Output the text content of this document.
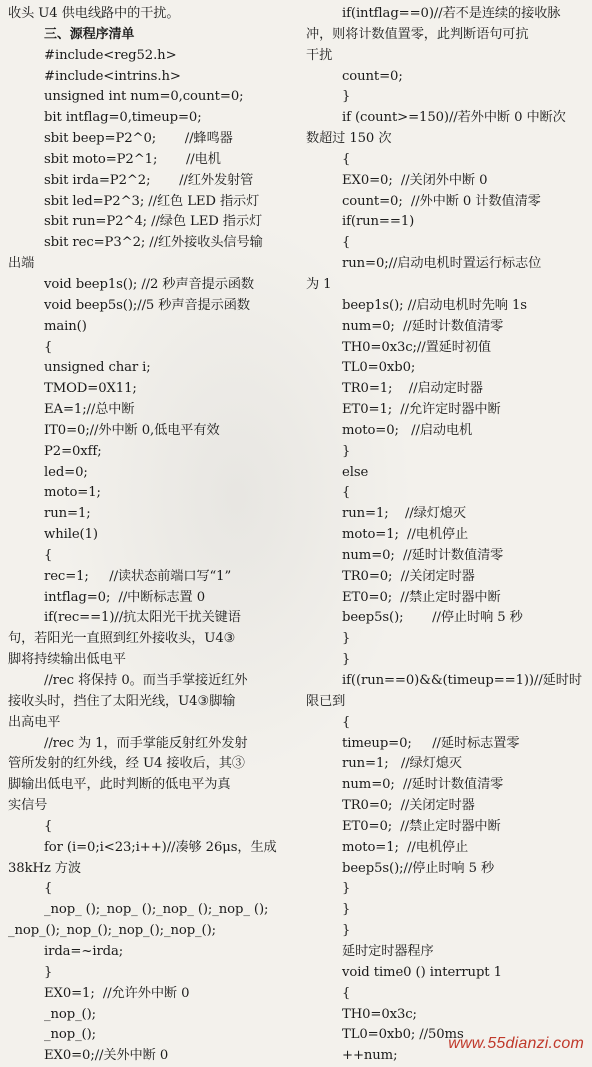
收头 U4 供电线路中的干扰。
三、源程序清单
#include<reg52.h>
#include<intrins.h>
unsigned int num=0,count=0;
bit intflag=0,timeup=0;
sbit beep=P2^0;       //蜂鸣器
sbit moto=P2^1;       //电机
sbit irda=P2^2;       //红外发射管
sbit led=P2^3; //红色 LED 指示灯
sbit run=P2^4; //绿色 LED 指示灯
sbit rec=P3^2; //红外接收头信号输
出端
void beep1s(); //2 秒声音提示函数
void beep5s();//5 秒声音提示函数
main()
{
unsigned char i;
TMOD=0X11;
EA=1;//总中断
IT0=0;//外中断 0,低电平有效
P2=0xff;
led=0;
moto=1;
run=1;
while(1)
{
rec=1;     //读状态前端口写“1”
intflag=0;  //中断标志置 0
if(rec==1)//抗太阳光干扰关键语
句，若阳光一直照到红外接收头，U4③
脚将持续输出低电平
//rec 将保持 0。而当手掌接近红外
接收头时，挡住了太阳光线，U4③脚输
出高电平
//rec 为 1，而手掌能反射红外发射
管所发射的红外线，经 U4 接收后，其③
脚输出低电平，此时判断的低电平为真
实信号
{
for (i=0;i<23;i++)//凑够 26μs，生成
38kHz 方波
{
_nop_ ();_nop_ ();_nop_ ();_nop_ ();
_nop_();_nop_();_nop_();_nop_();
irda=~irda;
}
EX0=1;  //允许外中断 0
_nop_();
_nop_();
EX0=0;//关外中断 0
if(intflag==0)//若不是连续的接收脉
冲，则将计数值置零，此判断语句可抗
干扰
count=0;
}
if (count>=150)//若外中断 0 中断次
数超过 150 次
{
EX0=0;  //关闭外中断 0
count=0;  //外中断 0 计数值清零
if(run==1)
{
run=0;//启动电机时置运行标志位
为 1
beep1s(); //启动电机时先响 1s
num=0;  //延时计数值清零
TH0=0x3c;//置延时初值
TL0=0xb0;
TR0=1;    //启动定时器
ET0=1;  //允许定时器中断
moto=0;   //启动电机
}
else
{
run=1;    //绿灯熄灭
moto=1;  //电机停止
num=0;  //延时计数值清零
TR0=0;  //关闭定时器
ET0=0;  //禁止定时器中断
beep5s();       //停止时响 5 秒
}
}
if((run==0)&&(timeup==1))//延时时
限已到
{
timeup=0;     //延时标志置零
run=1;   //绿灯熄灭
num=0;  //延时计数值清零
TR0=0;  //关闭定时器
ET0=0;  //禁止定时器中断
moto=1;  //电机停止
beep5s();//停止时响 5 秒
}
}
}
延时定时器程序
void time0 () interrupt 1
{
TH0=0x3c;
TL0=0xb0; //50ms
++num;
www.55dianzi.com
